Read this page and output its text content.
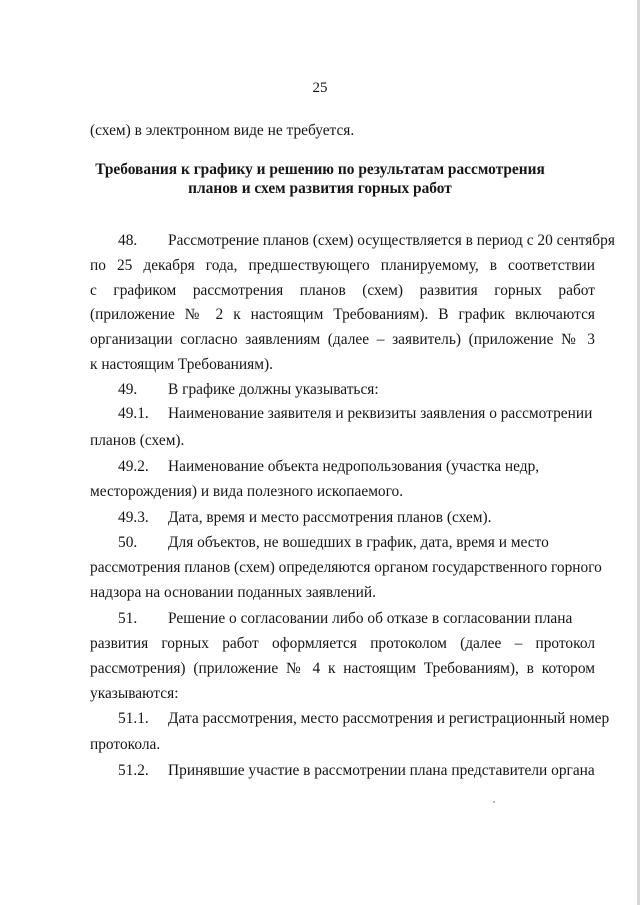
25
(схем) в электронном виде не требуется.
Требования к графику и решению по результатам рассмотрения
планов и схем развития горных работ
48.        Рассмотрение планов (схем) осуществляется в период с 20 сентября
по 25 декабря года, предшествующего планируемому, в соответствии
с графиком рассмотрения планов (схем) развития горных работ
(приложение № 2 к настоящим Требованиям). В график включаются
организации согласно заявлениям (далее – заявитель) (приложение № 3
к настоящим Требованиям).
49.        В графике должны указываться:
49.1.     Наименование заявителя и реквизиты заявления о рассмотрении
планов (схем).
49.2.     Наименование объекта недропользования (участка недр,
месторождения) и вида полезного ископаемого.
49.3.     Дата, время и место рассмотрения планов (схем).
50.        Для объектов, не вошедших в график, дата, время и место
рассмотрения планов (схем) определяются органом государственного горного
надзора на основании поданных заявлений.
51.        Решение о согласовании либо об отказе в согласовании плана
развития горных работ оформляется протоколом (далее – протокол
рассмотрения) (приложение № 4 к настоящим Требованиям), в котором
указываются:
51.1.     Дата рассмотрения, место рассмотрения и регистрационный номер
протокола.
51.2.     Принявшие участие в рассмотрении плана представители органа
